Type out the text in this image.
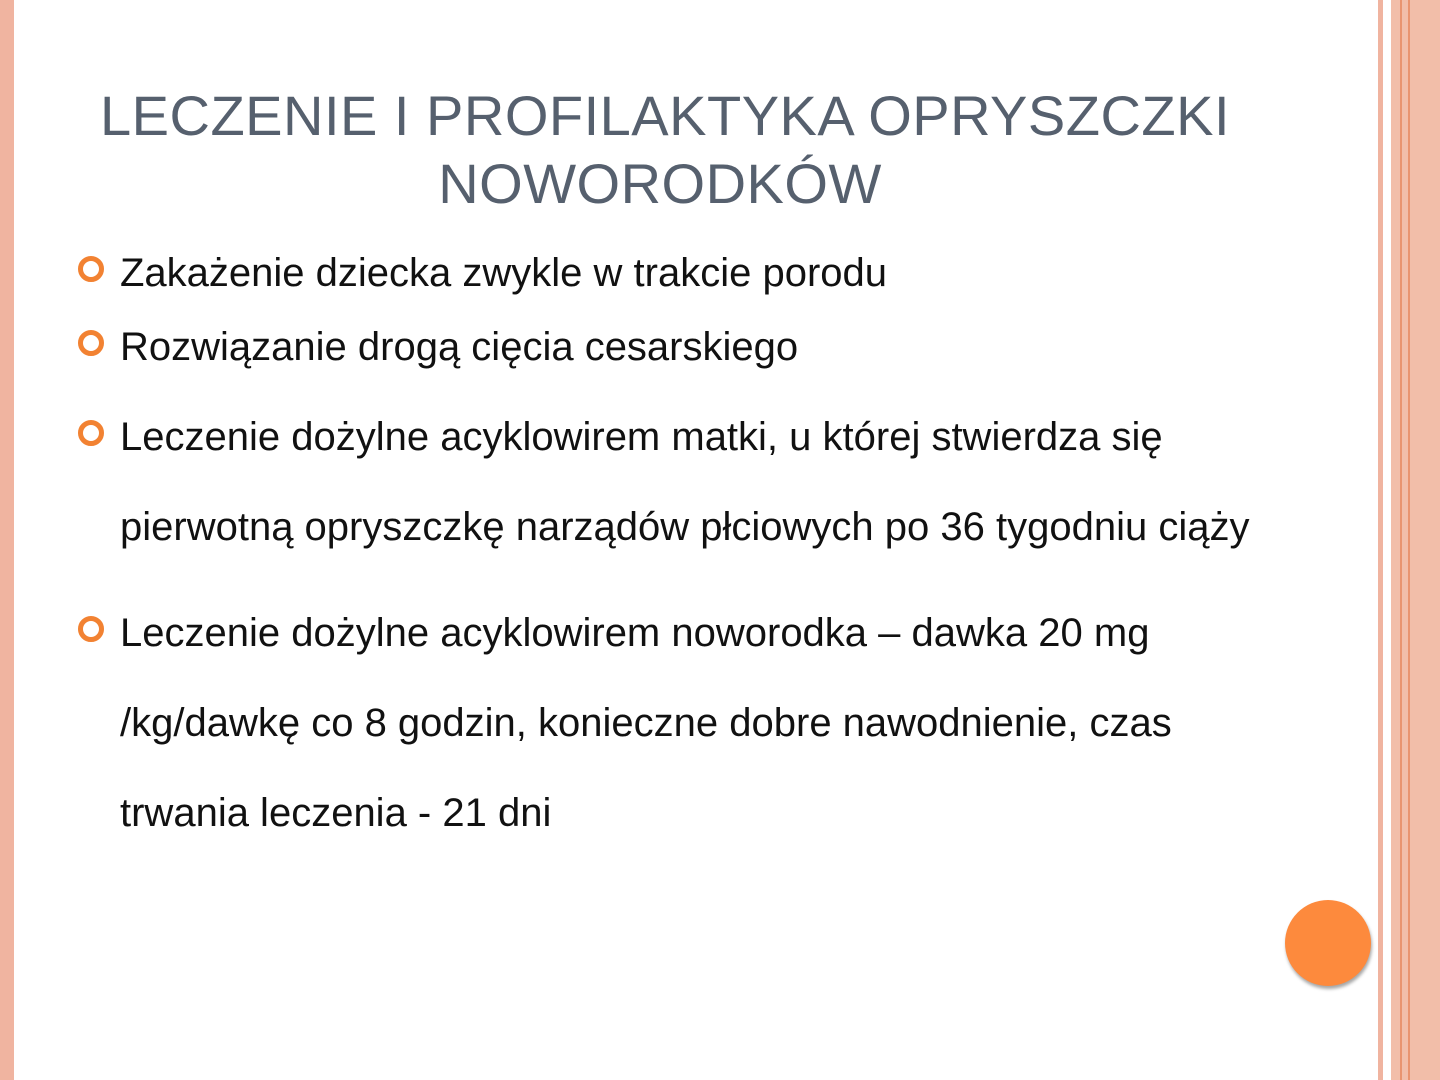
LECZENIE I PROFILAKTYKA OPRYSZCZKI
NOWORODKÓW
Zakażenie dziecka zwykle w trakcie porodu
Rozwiązanie drogą cięcia cesarskiego
Leczenie dożylne acyklowirem matki, u której stwierdza się pierwotną opryszczkę narządów płciowych po 36 tygodniu ciąży
Leczenie dożylne acyklowirem noworodka – dawka 20 mg /kg/dawkę co 8 godzin, konieczne dobre nawodnienie, czas trwania leczenia - 21 dni
